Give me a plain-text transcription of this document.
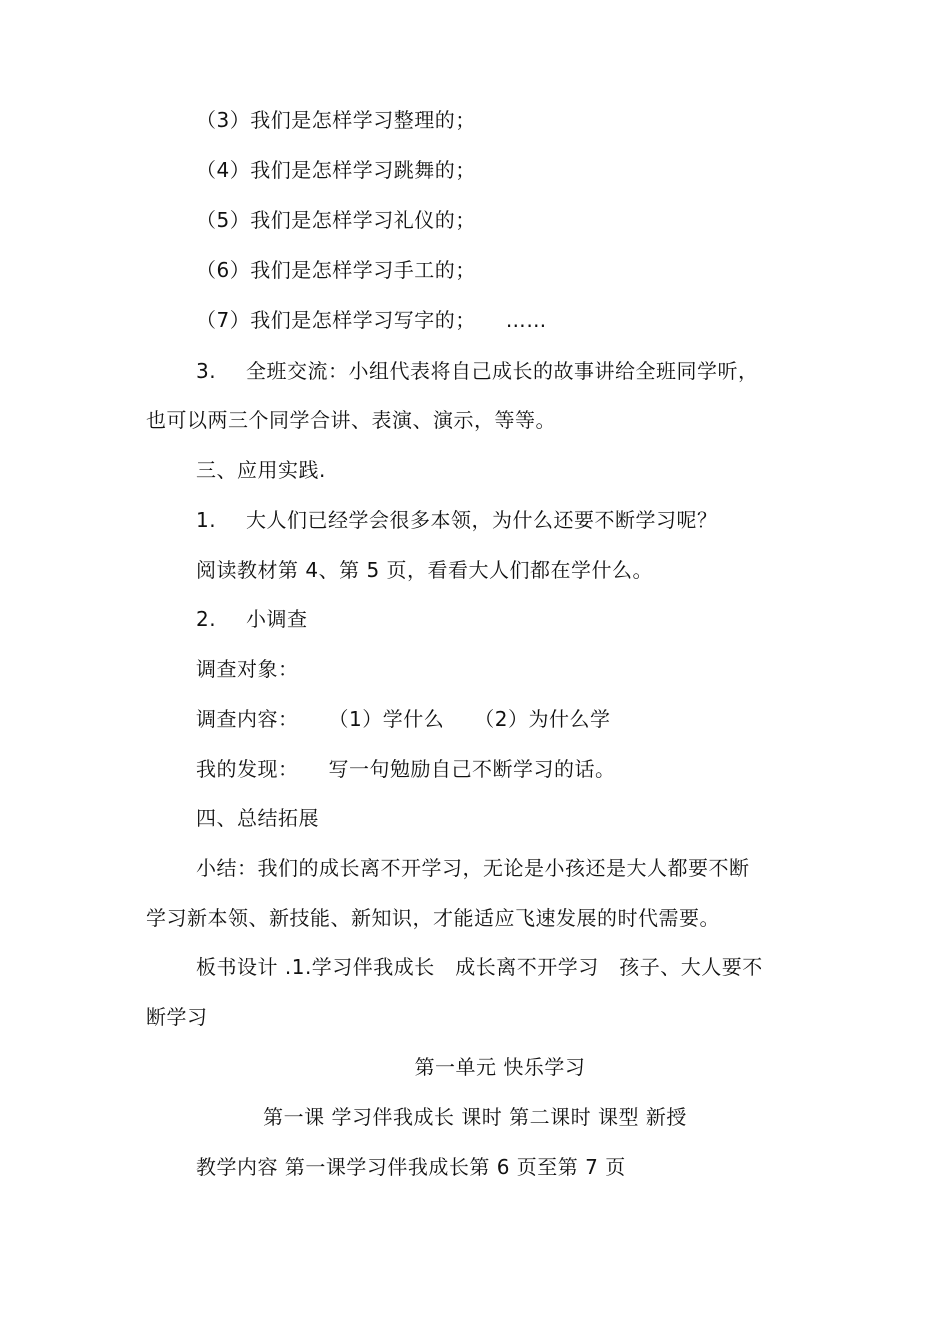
（3）我们是怎样学习整理的；
（4）我们是怎样学习跳舞的；
（5）我们是怎样学习礼仪的；
（6）我们是怎样学习手工的；
（7）我们是怎样学习写字的； ……
3. 全班交流：小组代表将自己成长的故事讲给全班同学听，
也可以两三个同学合讲、表演、演示，等等。
三、应用实践.
1. 大人们已经学会很多本领，为什么还要不断学习呢？
阅读教材第 4、第 5 页，看看大人们都在学什么。
2. 小调查
调查对象：
调查内容： （1）学什么 （2）为什么学
我的发现： 写一句勉励自己不断学习的话。
四、总结拓展
小结：我们的成长离不开学习，无论是小孩还是大人都要不断
学习新本领、新技能、新知识，才能适应飞速发展的时代需要。
板书设计 .1.学习伴我成长　成长离不开学习　孩子、大人要不
断学习
第一单元 快乐学习
第一课 学习伴我成长 课时 第二课时 课型 新授
教学内容 第一课学习伴我成长第 6 页至第 7 页
